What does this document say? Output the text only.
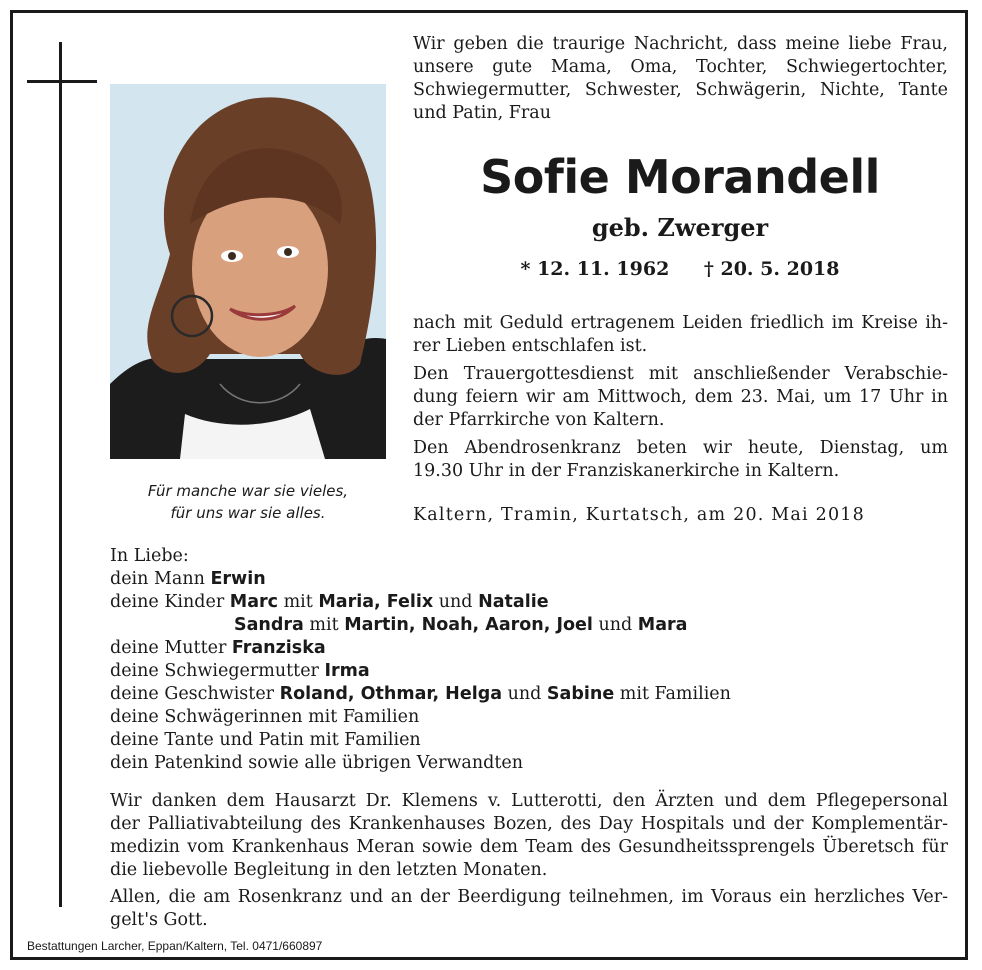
Für manche war sie vieles,
für uns war sie alles.
Wir geben die traurige Nachricht, dass meine liebe Frau,
unsere gute Mama, Oma, Tochter, Schwiegertochter,
Schwiegermutter, Schwester, Schwägerin, Nichte, Tante
und Patin, Frau
Sofie Morandell
geb. Zwerger
* 12. 11. 1962 † 20. 5. 2018
nach mit Geduld ertragenem Leiden friedlich im Kreise ih-
rer Lieben entschlafen ist.
Den Trauergottesdienst mit anschließender Verabschie-
dung feiern wir am Mittwoch, dem 23. Mai, um 17 Uhr in
der Pfarrkirche von Kaltern.
Den Abendrosenkranz beten wir heute, Dienstag, um
19.30 Uhr in der Franziskanerkirche in Kaltern.
Kaltern, Tramin, Kurtatsch, am 20. Mai 2018
In Liebe:
dein Mann Erwin
deine Kinder Marc mit Maria, Felix und Natalie
Sandra mit Martin, Noah, Aaron, Joel und Mara
deine Mutter Franziska
deine Schwiegermutter Irma
deine Geschwister Roland, Othmar, Helga und Sabine mit Familien
deine Schwägerinnen mit Familien
deine Tante und Patin mit Familien
dein Patenkind sowie alle übrigen Verwandten
Wir danken dem Hausarzt Dr. Klemens v. Lutterotti, den Ärzten und dem Pflegepersonal
der Palliativabteilung des Krankenhauses Bozen, des Day Hospitals und der Komplementär-
medizin vom Krankenhaus Meran sowie dem Team des Gesundheitssprengels Überetsch für
die liebevolle Begleitung in den letzten Monaten.
Allen, die am Rosenkranz und an der Beerdigung teilnehmen, im Voraus ein herzliches Ver-
gelt's Gott.
Bestattungen Larcher, Eppan/Kaltern, Tel. 0471/660897
